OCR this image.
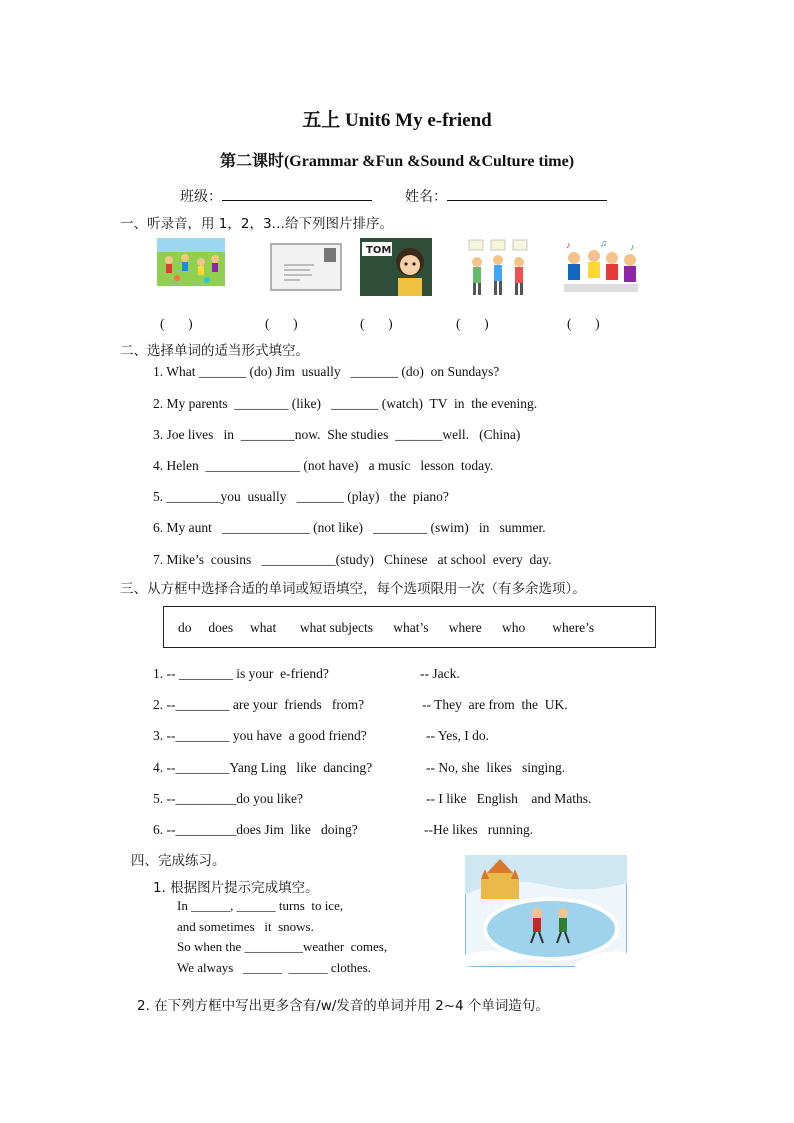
五上 Unit6 My e-friend
第二课时(Grammar &Fun &Sound &Culture time)
班级：	姓名：
一、听录音，用 1，2，3…给下列图片排序。
TOM	♪	♫	♪
(       )	(       )	(       )	(       )	(       )
二、选择单词的适当形式填空。
1. What _______ (do) Jim  usually   _______ (do)  on Sundays?
2. My parents  ________ (like)   _______ (watch)  TV  in  the evening.
3. Joe lives   in  ________now.  She studies  _______well.   (China)
4. Helen  ______________ (not have)   a music   lesson  today.
5. ________you  usually   _______ (play)   the  piano?
6. My aunt   _____________ (not like)   ________ (swim)   in   summer.
7. Mike’s  cousins   ___________(study)   Chinese   at school  every  day.
三、从方框中选择合适的单词或短语填空，每个选项限用一次（有多余选项）。
do     does     what       what subjects      what’s      where      who        where’s
1. -- ________ is your  e-friend?	-- Jack.
2. --________ are your  friends   from?	-- They  are from  the  UK.
3. --________ you have  a good friend?	-- Yes, I do.
4. --________Yang Ling   like  dancing?	-- No, she  likes   singing.
5. --_________do you like?	-- I like   English    and Maths.
6. --_________does Jim  like   doing?	--He likes   running.
四、完成练习。
1. 根据图片提示完成填空。
In ______, ______ turns  to ice,
and sometimes   it  snows.
So when the _________weather  comes,
We always   ______  ______ clothes.
2. 在下列方框中写出更多含有/w/发音的单词并用 2~4 个单词造句。
